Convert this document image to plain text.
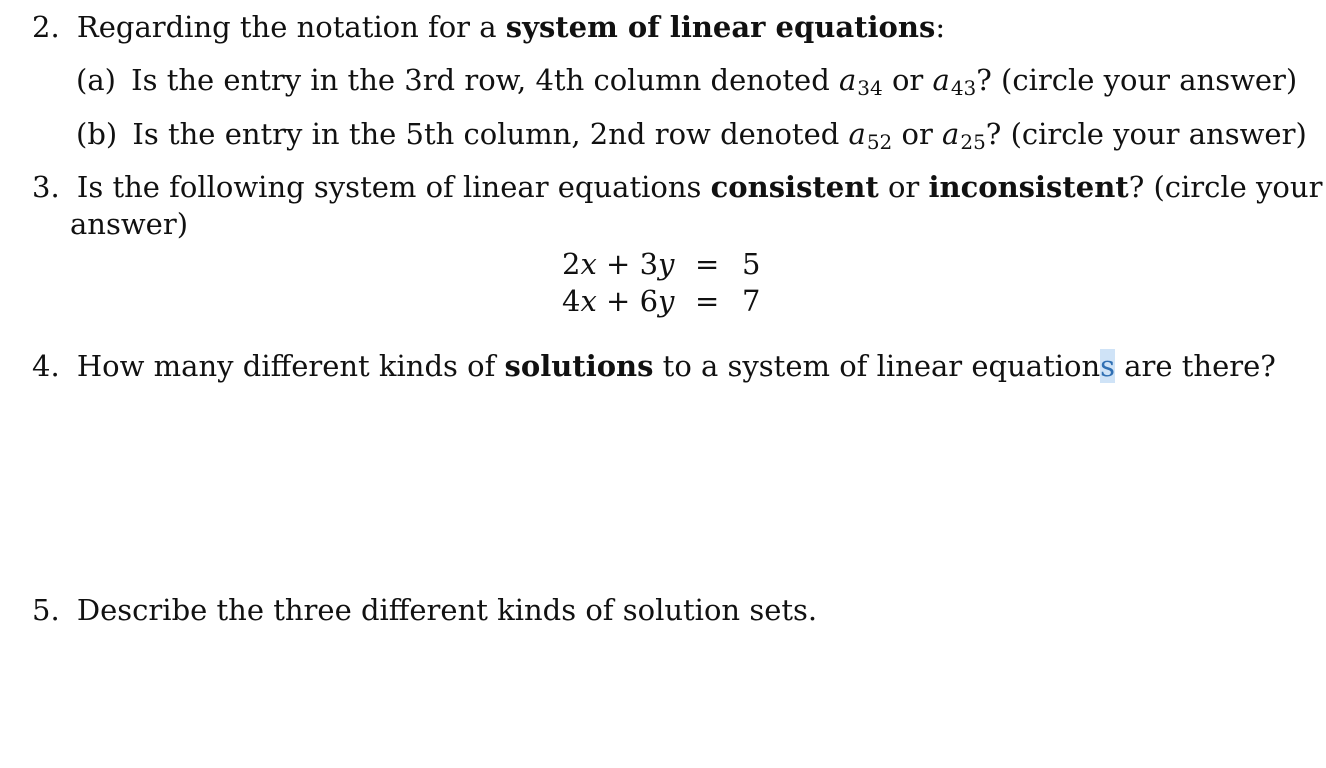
2. Regarding the notation for a system of linear equations:
(a) Is the entry in the 3rd row, 4th column denoted a34 or a43? (circle your answer)
(b) Is the entry in the 5th column, 2nd row denoted a52 or a25? (circle your answer)
3. Is the following system of linear equations consistent or inconsistent? (circle your
answer)
2x + 3y = 5
4x + 6y = 7
4. How many different kinds of solutions to a system of linear equations are there?
5. Describe the three different kinds of solution sets.
